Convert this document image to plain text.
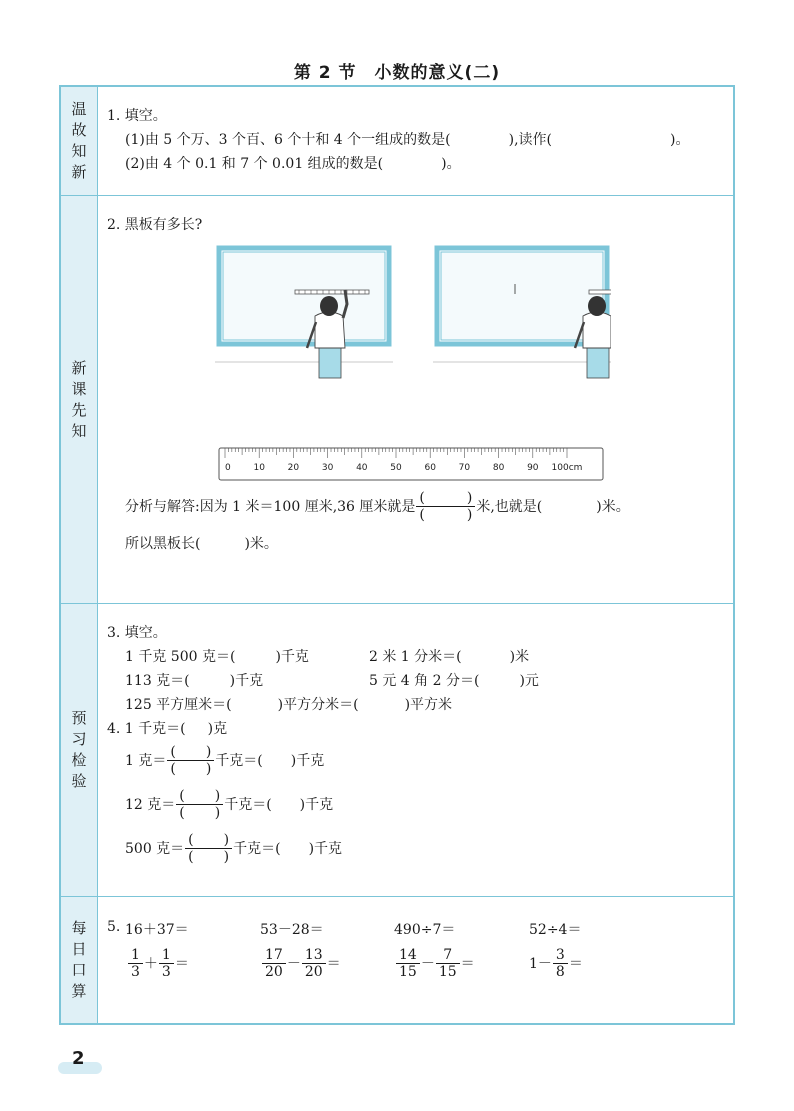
第 2 节　小数的意义(二)
温故知新
1. 填空。
(1)由 5 个万、3 个百、6 个十和 4 个一组成的数是(	),读作(	)。
(2)由 4 个 0.1 和 7 个 0.01 组成的数是(	)。
新课先知
2. 黑板有多长?
0	10	20	30	40	50	60	70	80	90 100cm
分析与解答:因为 1 米＝100 厘米,36 厘米就是 (	)
(	) 米,也就是(	)米。
所以黑板长(	)米。
预习检验
3. 填空。
1 千克 500 克＝(	)千克	2 米 1 分米＝(	)米
113 克＝(	)千克	5 元 4 角 2 分＝(	)元
125 平方厘米＝(	)平方分米＝(	)平方米
4. 1 千克＝( )克
1 克＝ $\frac{( )}{( )}$ 千克＝( )千克
12 克＝ $\frac{( )}{( )}$ 千克＝( )千克
500 克＝ $\frac{( )}{( )}$ 千克＝( )千克
每日口算
5. 16＋37＝	53－28＝	490÷7＝	52÷4＝
$\frac{1}{3} + \frac{1}{3}$ ＝	$\frac{17}{20} - \frac{13}{20}$ ＝	$\frac{14}{15} - \frac{7}{15}$ ＝	$1- \frac{3}{8}$ ＝
2
